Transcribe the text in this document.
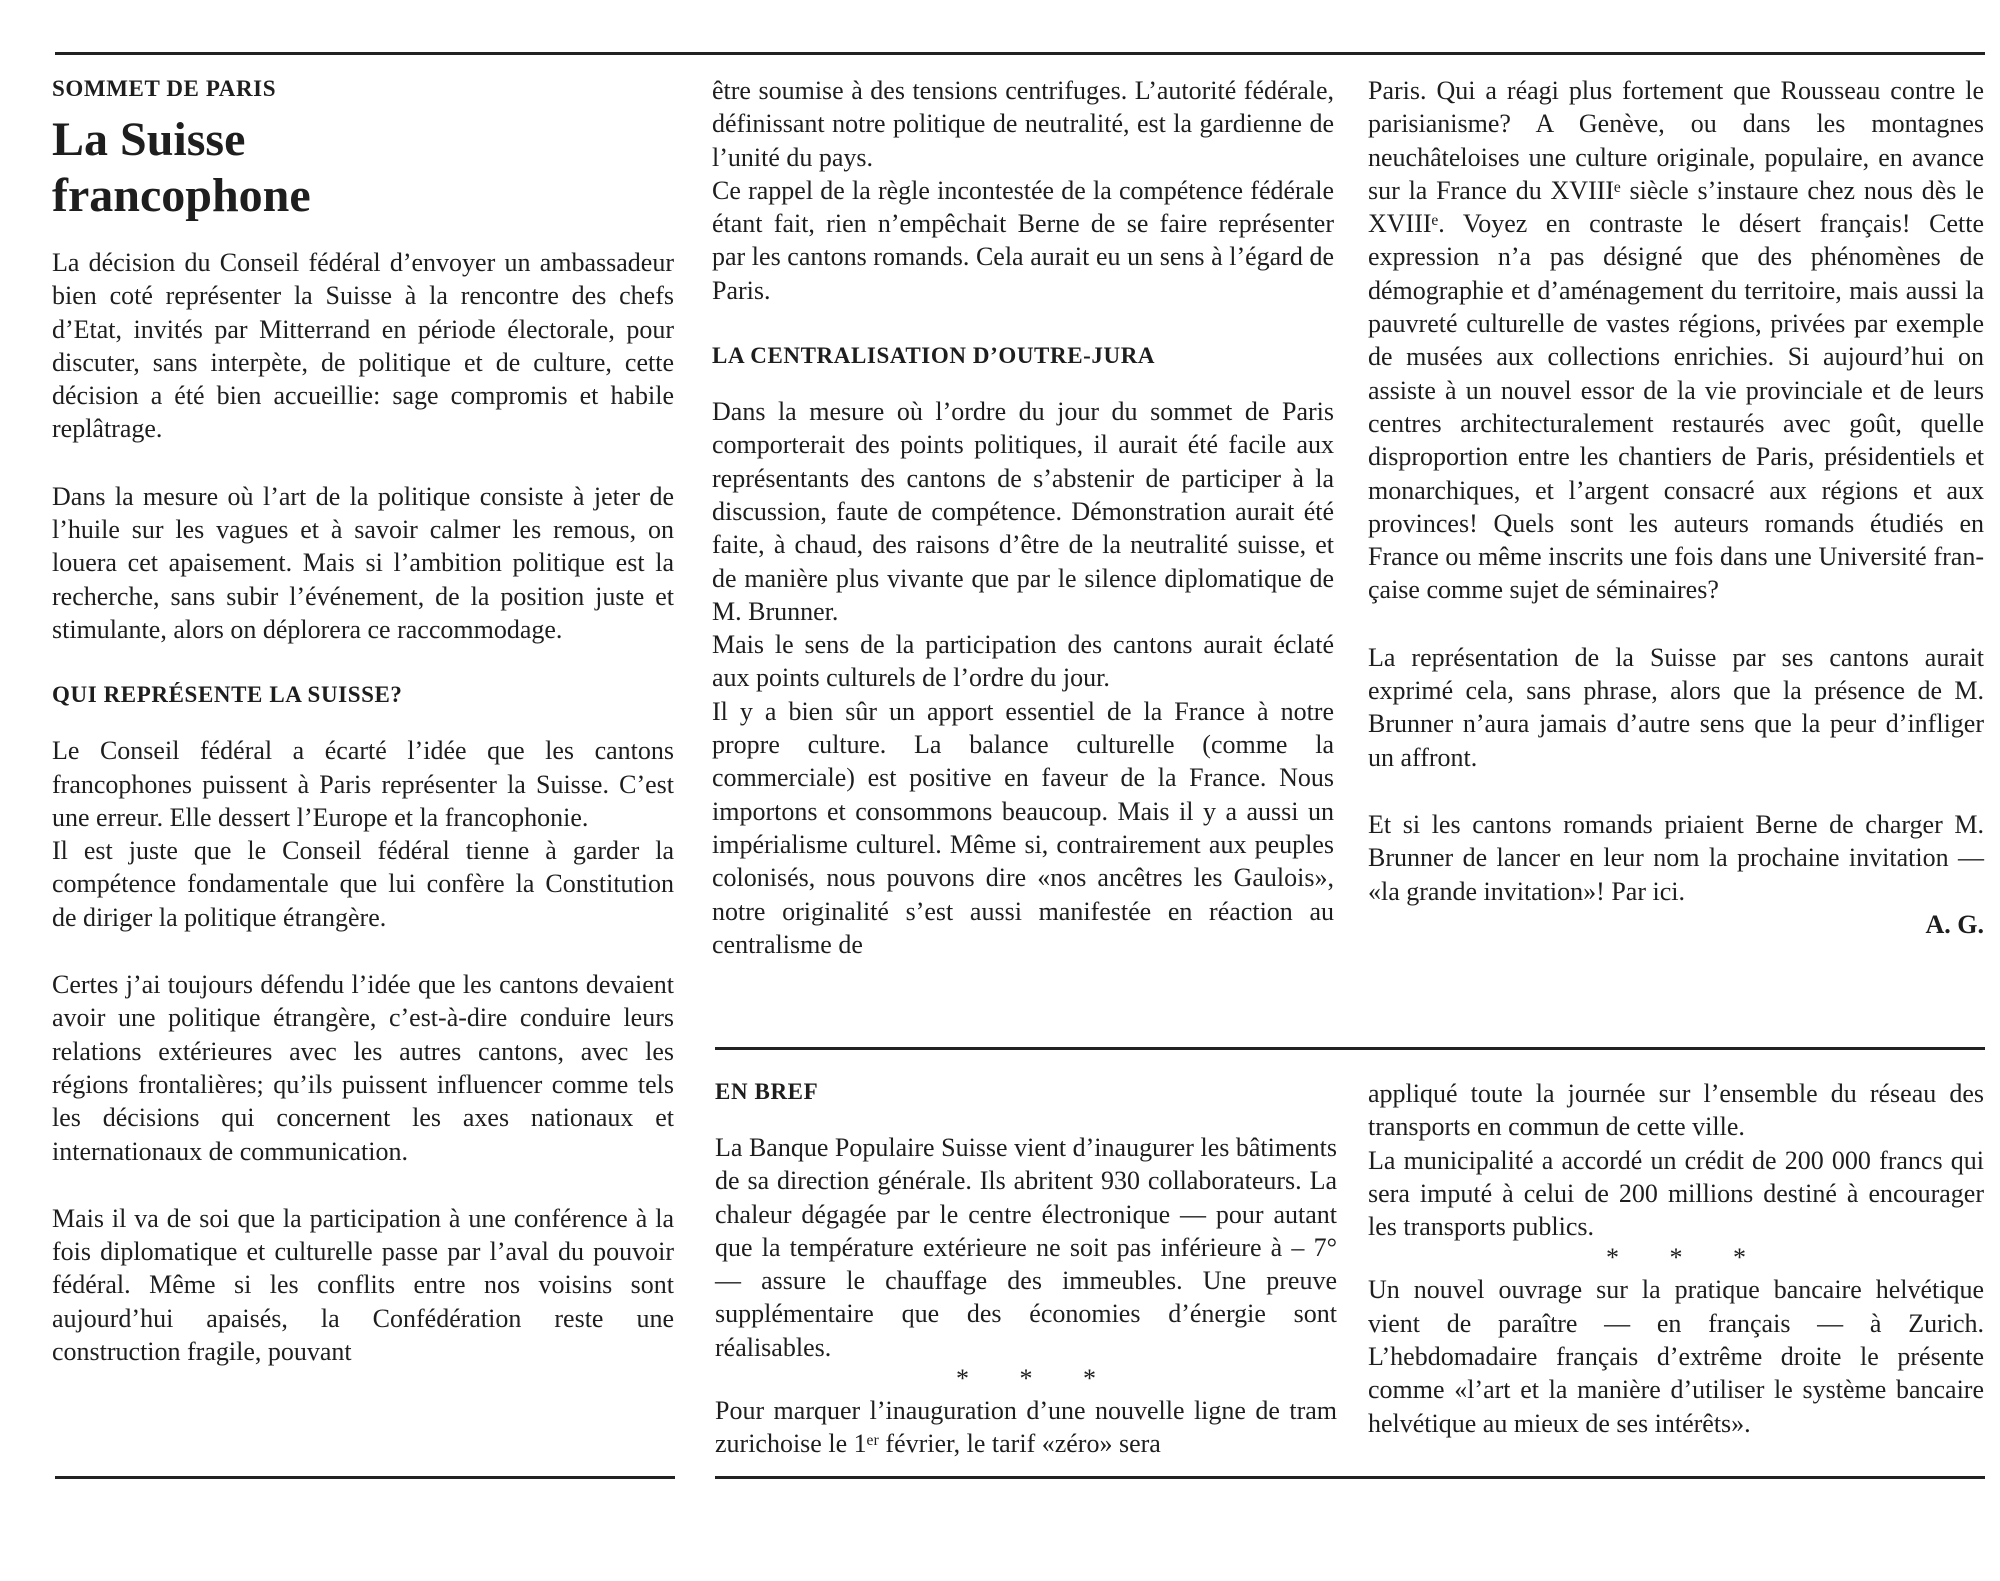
SOMMET DE PARIS

La Suisse
francophone

La décision du Conseil fédéral d’envoyer un ambassadeur bien coté représenter la Suisse à la rencontre des chefs d’Etat, invités par Mitterrand en période électorale, pour discuter, sans interpète, de politique et de culture, cette décision a été bien accueillie: sage compromis et habile replâtrage.

Dans la mesure où l’art de la politique consiste à jeter de l’huile sur les vagues et à savoir calmer les remous, on louera cet apaisement. Mais si l’ambition politique est la recherche, sans subir l’événement, de la position juste et stimulante, alors on déplorera ce raccommodage.

QUI REPRÉSENTE LA SUISSE?

Le Conseil fédéral a écarté l’idée que les cantons francophones puissent à Paris représenter la Suisse. C’est une erreur. Elle dessert l’Europe et la francophonie.

Il est juste que le Conseil fédéral tienne à garder la compétence fondamentale que lui confère la Constitution de diriger la politique étrangère.

Certes j’ai toujours défendu l’idée que les cantons devaient avoir une politique étrangère, c’est-à-dire conduire leurs relations extérieures avec les autres cantons, avec les régions frontalières; qu’ils puissent influencer comme tels les décisions qui concernent les axes nationaux et internationaux de communication.

Mais il va de soi que la participation à une conférence à la fois diplomatique et culturelle passe par l’aval du pouvoir fédéral. Même si les conflits entre nos voisins sont aujourd’hui apaisés, la Confédération reste une construction fragile, pouvant

être soumise à des tensions centrifuges. L’autorité fédérale, définissant notre politique de neutralité, est la gardienne de l’unité du pays.

Ce rappel de la règle incontestée de la compétence fédérale étant fait, rien n’empêchait Berne de se faire représenter par les cantons romands. Cela aurait eu un sens à l’égard de Paris.

LA CENTRALISATION D’OUTRE-JURA

Dans la mesure où l’ordre du jour du sommet de Paris comporterait des points politiques, il aurait été facile aux représentants des cantons de s’abstenir de participer à la discussion, faute de compétence. Démonstration aurait été faite, à chaud, des raisons d’être de la neutralité suisse, et de manière plus vivante que par le silence diplomatique de M. Brunner.

Mais le sens de la participation des cantons aurait éclaté aux points culturels de l’ordre du jour.

Il y a bien sûr un apport essentiel de la France à notre propre culture. La balance culturelle (comme la commerciale) est positive en faveur de la France. Nous importons et consommons beaucoup. Mais il y a aussi un impérialisme culturel. Même si, contrairement aux peuples colonisés, nous pouvons dire «nos ancêtres les Gaulois», notre originalité s’est aussi manifestée en réaction au centralisme de

Paris. Qui a réagi plus fortement que Rousseau contre le parisianisme? A Genève, ou dans les montagnes neuchâteloises une culture originale, populaire, en avance sur la France du XVIIIᵉ siècle s’instaure chez nous dès le XVIIIᵉ. Voyez en contraste le désert français! Cette expression n’a pas désigné que des phénomènes de démographie et d’aménagement du territoire, mais aussi la pauvreté culturelle de vastes régions, privées par exemple de musées aux collections enrichies. Si aujourd’hui on assiste à un nouvel essor de la vie provinciale et de leurs centres architecturalement restaurés avec goût, quelle disproportion entre les chantiers de Paris, présidentiels et monarchiques, et l’argent consacré aux régions et aux provinces! Quels sont les auteurs romands étudiés en France ou même inscrits une fois dans une Université française comme sujet de séminaires?

La représentation de la Suisse par ses cantons aurait exprimé cela, sans phrase, alors que la présence de M. Brunner n’aura jamais d’autre sens que la peur d’infliger un affront.

Et si les cantons romands priaient Berne de charger M. Brunner de lancer en leur nom la prochaine invitation — «la grande invitation»! Par ici.

A. G.

EN BREF

La Banque Populaire Suisse vient d’inaugurer les bâtiments de sa direction générale. Ils abritent 930 collaborateurs. La chaleur dégagée par le centre électronique — pour autant que la température extérieure ne soit pas inférieure à – 7° — assure le chauffage des immeubles. Une preuve supplémentaire que des économies d’énergie sont réalisables.

* * *

Pour marquer l’inauguration d’une nouvelle ligne de tram zurichoise le 1ᵉʳ février, le tarif «zéro» sera

appliqué toute la journée sur l’ensemble du réseau des transports en commun de cette ville.

La municipalité a accordé un crédit de 200 000 francs qui sera imputé à celui de 200 millions destiné à encourager les transports publics.

* * *

Un nouvel ouvrage sur la pratique bancaire helvétique vient de paraître — en français — à Zurich. L’hebdomadaire français d’extrême droite le présente comme «l’art et la manière d’utiliser le système bancaire helvétique au mieux de ses intérêts».
